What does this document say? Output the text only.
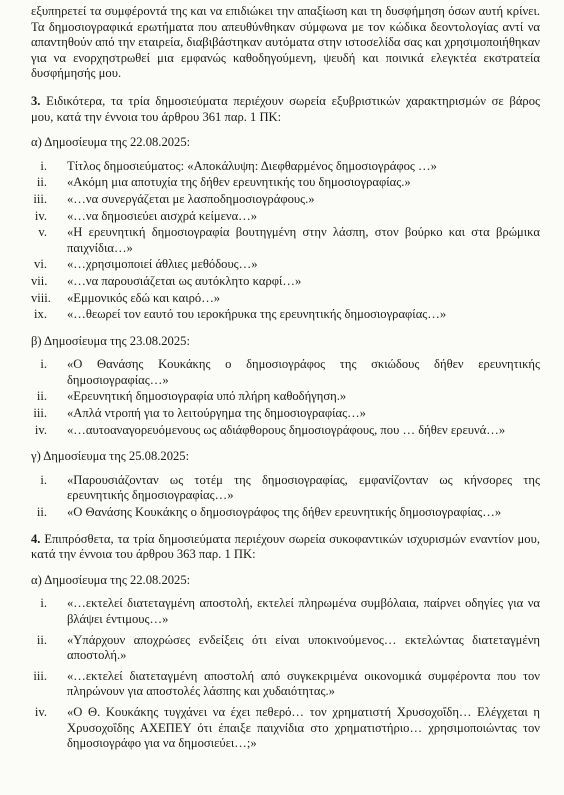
εξυπηρετεί τα συμφέροντά της και να επιδιώκει την απαξίωση και τη δυσφήμηση όσων αυτή κρίνει. Τα δημοσιογραφικά ερωτήματα που απευθύνθηκαν σύμφωνα με τον κώδικα δεοντολογίας αντί να απαντηθούν από την εταιρεία, διαβιβάστηκαν αυτόματα στην ιστοσελίδα σας και χρησιμοποιήθηκαν για να ενορχηστρωθεί μια εμφανώς καθοδηγούμενη, ψευδή και ποινικά ελεγκτέα εκστρατεία δυσφήμησής μου.

3. Ειδικότερα, τα τρία δημοσιεύματα περιέχουν σωρεία εξυβριστικών χαρακτηρισμών σε βάρος μου, κατά την έννοια του άρθρου 361 παρ. 1 ΠΚ:

α) Δημοσίευμα της 22.08.2025:

i. Τίτλος δημοσιεύματος: «Αποκάλυψη: Διεφθαρμένος δημοσιογράφος …»
ii. «Ακόμη μια αποτυχία της δήθεν ερευνητικής του δημοσιογραφίας.»
iii. «…να συνεργάζεται με λασποδημοσιογράφους.»
iv. «…να δημοσιεύει αισχρά κείμενα…»
v. «Η ερευνητική δημοσιογραφία βουτηγμένη στην λάσπη, στον βούρκο και στα βρώμικα παιχνίδια…»
vi. «…χρησιμοποιεί άθλιες μεθόδους…»
vii. «…να παρουσιάζεται ως αυτόκλητο καρφί…»
viii. «Εμμονικός εδώ και καιρό…»
ix. «…θεωρεί τον εαυτό του ιεροκήρυκα της ερευνητικής δημοσιογραφίας…»

β) Δημοσίευμα της 23.08.2025:

i. «Ο Θανάσης Κουκάκης ο δημοσιογράφος της σκιώδους δήθεν ερευνητικής δημοσιογραφίας…»
ii. «Ερευνητική δημοσιογραφία υπό πλήρη καθοδήγηση.»
iii. «Απλά ντροπή για το λειτούργημα της δημοσιογραφίας…»
iv. «…αυτοαναγορευόμενους ως αδιάφθορους δημοσιογράφους, που … δήθεν ερευνά…»

γ) Δημοσίευμα της 25.08.2025:

i. «Παρουσιάζονταν ως τοτέμ της δημοσιογραφίας, εμφανίζονταν ως κήνσορες της ερευνητικής δημοσιογραφίας…»
ii. «Ο Θανάσης Κουκάκης ο δημοσιογράφος της δήθεν ερευνητικής δημοσιογραφίας…»

4. Επιπρόσθετα, τα τρία δημοσιεύματα περιέχουν σωρεία συκοφαντικών ισχυρισμών εναντίον μου, κατά την έννοια του άρθρου 363 παρ. 1 ΠΚ:

α) Δημοσίευμα της 22.08.2025:

i. «…εκτελεί διατεταγμένη αποστολή, εκτελεί πληρωμένα συμβόλαια, παίρνει οδηγίες για να βλάψει έντιμους…»
ii. «Υπάρχουν αποχρώσες ενδείξεις ότι είναι υποκινούμενος… εκτελώντας διατεταγμένη αποστολή.»
iii. «…εκτελεί διατεταγμένη αποστολή από συγκεκριμένα οικονομικά συμφέροντα που τον πληρώνουν για αποστολές λάσπης και χυδαιότητας.»
iv. «Ο Θ. Κουκάκης τυγχάνει να έχει πεθερό… τον χρηματιστή Χρυσοχοΐδη… Ελέγχεται η Χρυσοχοΐδης ΑΧΕΠΕΥ ότι έπαιξε παιχνίδια στο χρηματιστήριο… χρησιμοποιώντας τον δημοσιογράφο για να δημοσιεύει…;»
